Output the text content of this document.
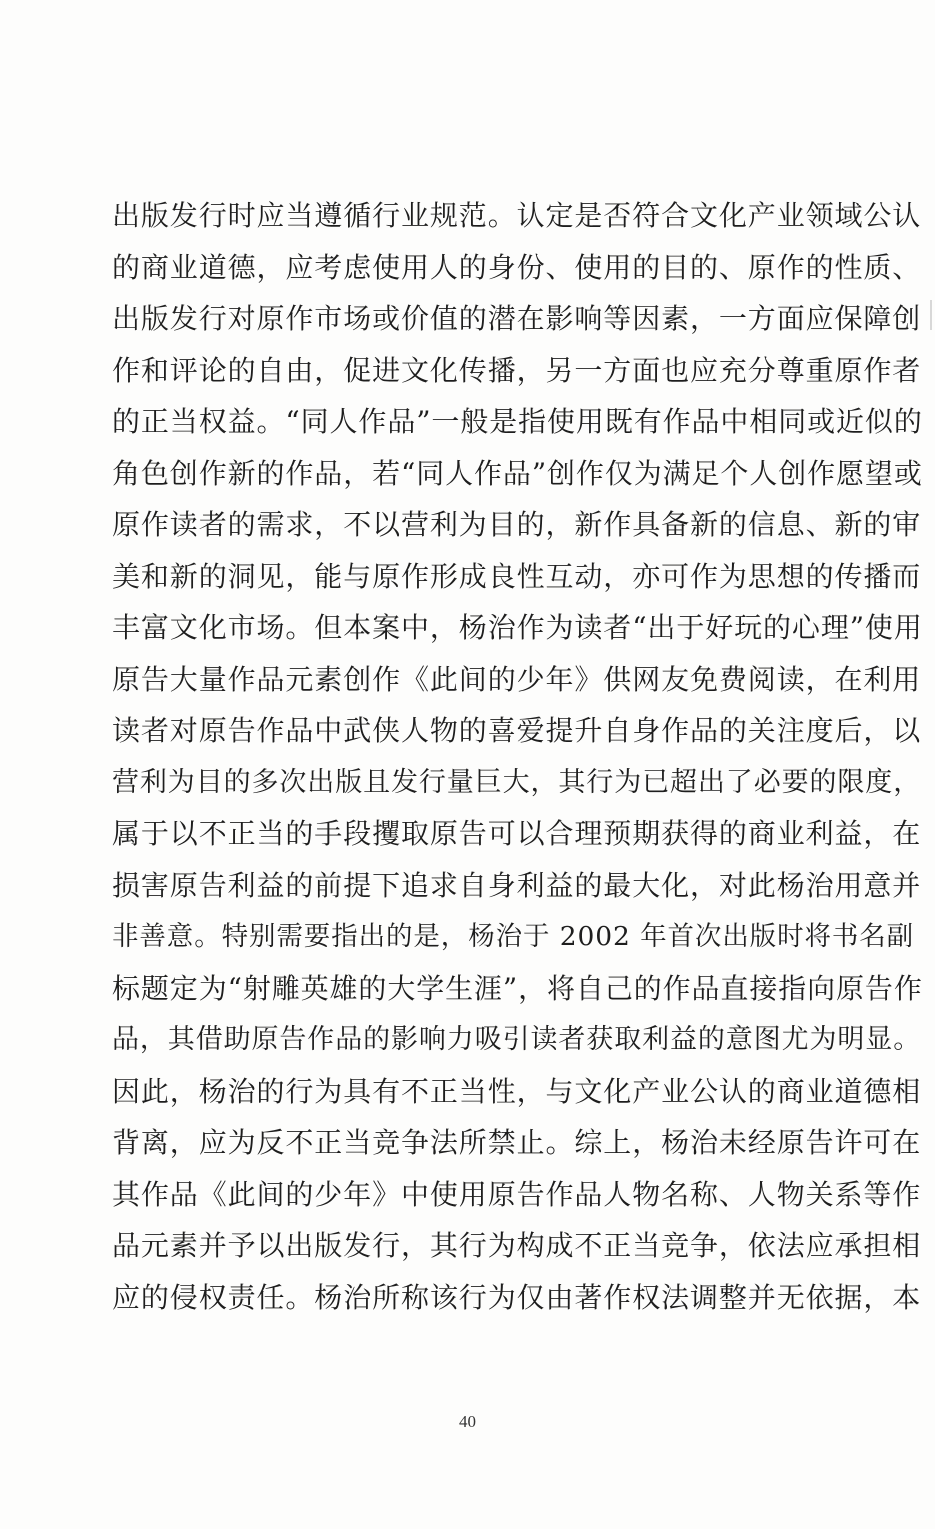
出版发行时应当遵循行业规范。认定是否符合文化产业领域公认
的商业道德，应考虑使用人的身份、使用的目的、原作的性质、
出版发行对原作市场或价值的潜在影响等因素，一方面应保障创
作和评论的自由，促进文化传播，另一方面也应充分尊重原作者
的正当权益。“同人作品”一般是指使用既有作品中相同或近似的
角色创作新的作品，若“同人作品”创作仅为满足个人创作愿望或
原作读者的需求，不以营利为目的，新作具备新的信息、新的审
美和新的洞见，能与原作形成良性互动，亦可作为思想的传播而
丰富文化市场。但本案中，杨治作为读者“出于好玩的心理”使用
原告大量作品元素创作《此间的少年》供网友免费阅读，在利用
读者对原告作品中武侠人物的喜爱提升自身作品的关注度后，以
营利为目的多次出版且发行量巨大，其行为已超出了必要的限度，
属于以不正当的手段攫取原告可以合理预期获得的商业利益，在
损害原告利益的前提下追求自身利益的最大化，对此杨治用意并
非善意。特别需要指出的是，杨治于 2002 年首次出版时将书名副
标题定为“射雕英雄的大学生涯”，将自己的作品直接指向原告作
品，其借助原告作品的影响力吸引读者获取利益的意图尤为明显。
因此，杨治的行为具有不正当性，与文化产业公认的商业道德相
背离，应为反不正当竞争法所禁止。综上，杨治未经原告许可在
其作品《此间的少年》中使用原告作品人物名称、人物关系等作
品元素并予以出版发行，其行为构成不正当竞争，依法应承担相
应的侵权责任。杨治所称该行为仅由著作权法调整并无依据，本
40
